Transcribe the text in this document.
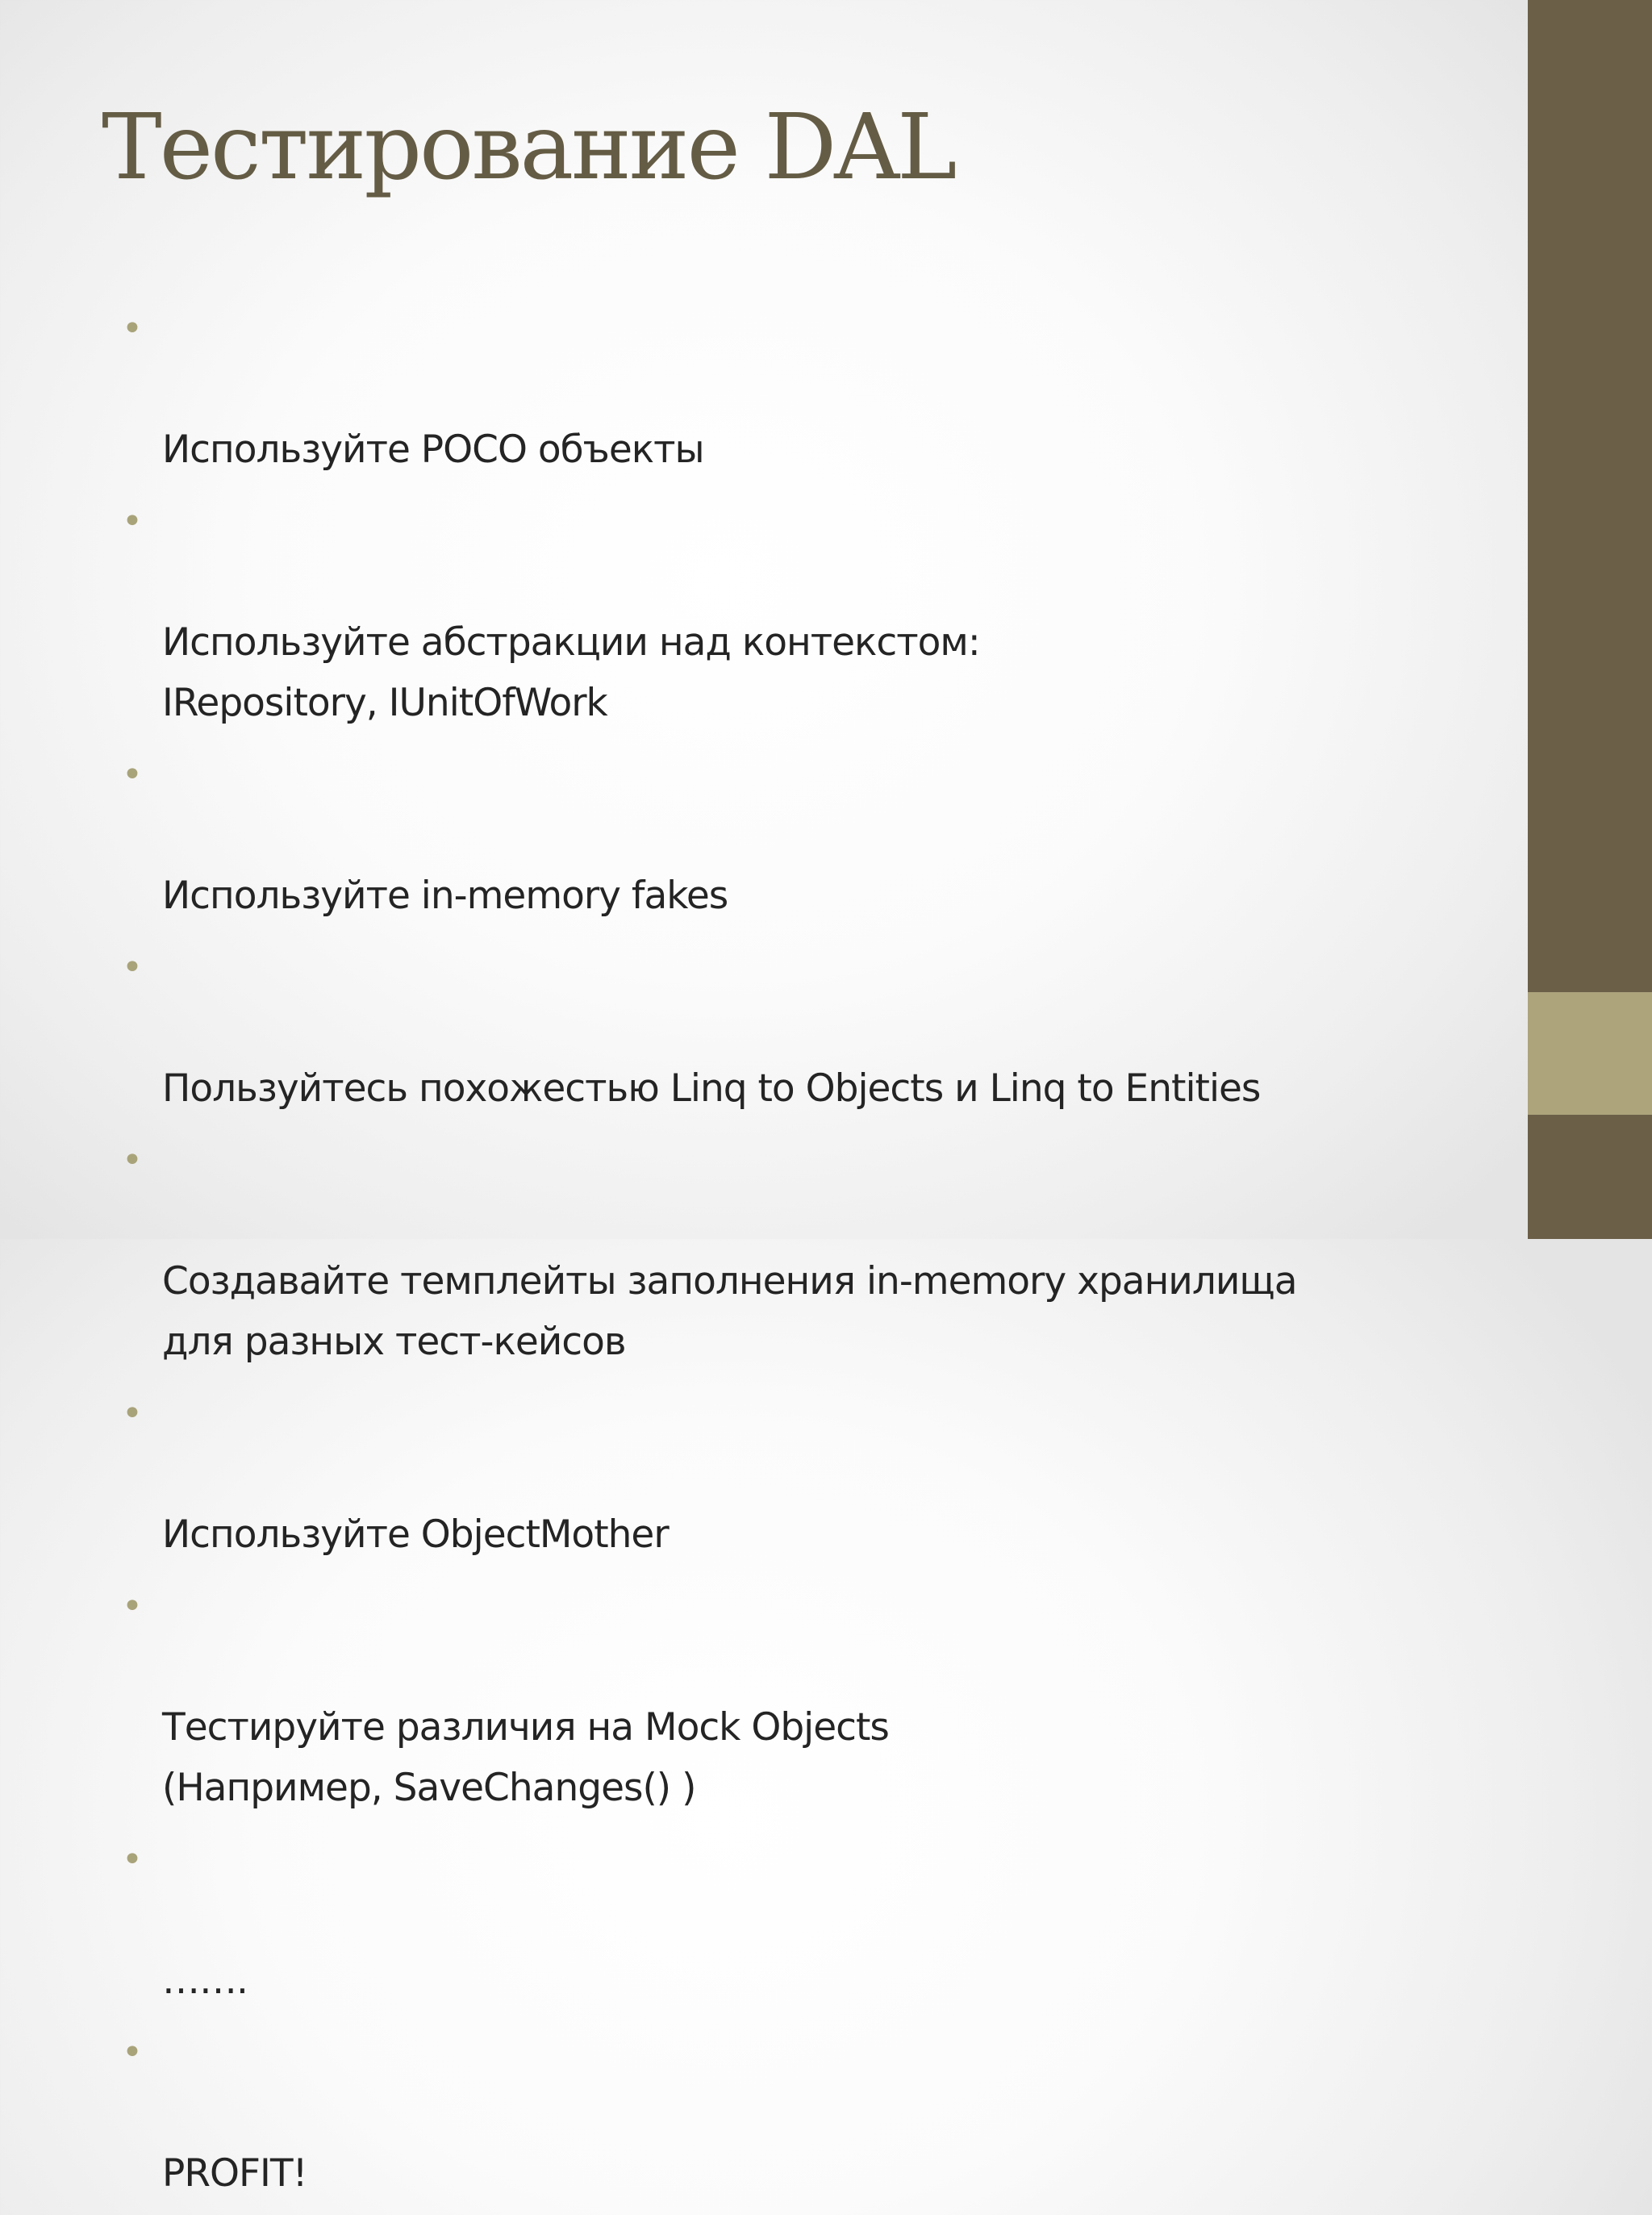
Тестирование DAL

•

Используйте POCO объекты

•

Используйте абстракции над контекстом:
IRepository, IUnitOfWork

•

Используйте in-memory fakes

•

Пользуйтесь похожестью Linq to Objects и Linq to Entities

•

Создавайте темплейты заполнения in-memory хранилища
для разных тест-кейсов

•

Используйте ObjectMother

•

Тестируйте различия на Mock Objects
(Например, SaveChanges() )

•

…….

•

PROFIT!
